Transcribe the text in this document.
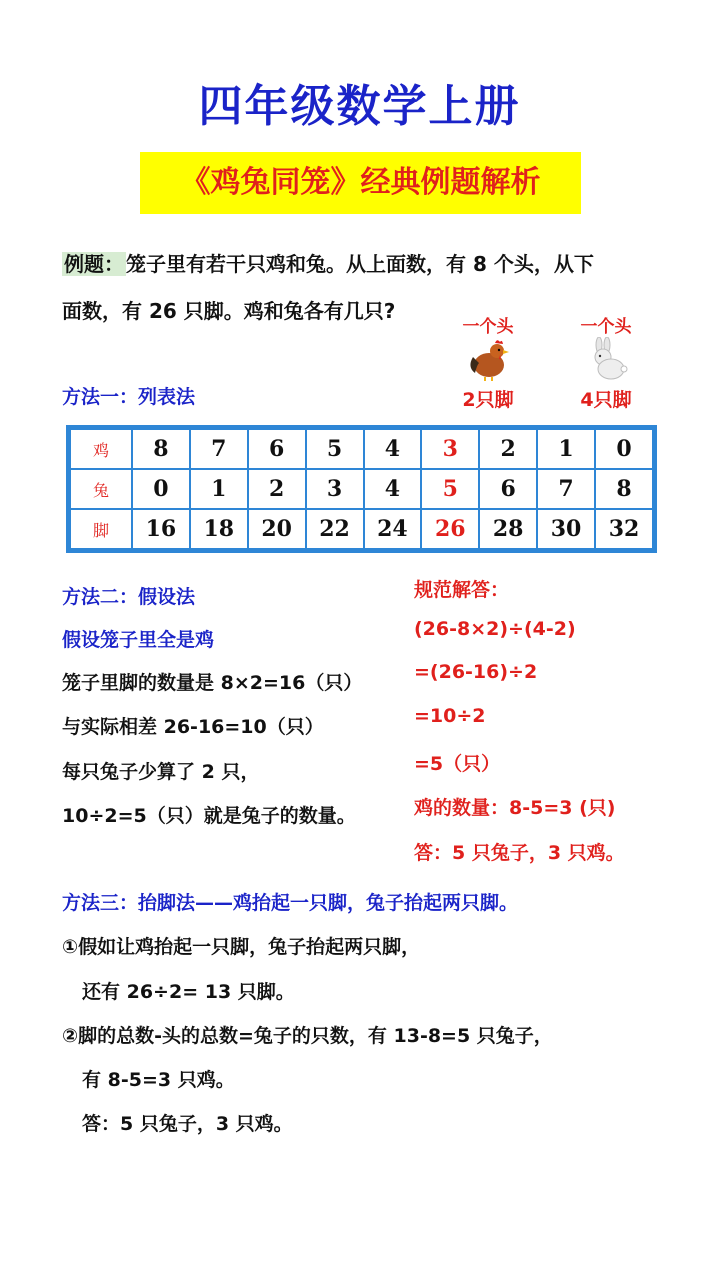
四年级数学上册
《鸡兔同笼》经典例题解析
例题： 笼子里有若干只鸡和兔。从上面数，有 8 个头，从下
面数，有 26 只脚。鸡和兔各有几只?
一个头
2只脚
一个头
4只脚
方法一：列表法
鸡	8	7	6	5	4	3	2	1	0
兔	0	1	2	3	4	5	6	7	8
脚	16	18	20	22	24	26	28	30	32
方法二：假设法
假设笼子里全是鸡
笼子里脚的数量是 8×2=16（只）
与实际相差 26-16=10（只）
每只兔子少算了 2 只，
10÷2=5（只）就是兔子的数量。
规范解答：
(26-8×2)÷(4-2)
=(26-16)÷2
=10÷2
=5（只）
鸡的数量：8-5=3 (只)
答：5 只兔子，3 只鸡。
方法三：抬脚法——鸡抬起一只脚，兔子抬起两只脚。
①假如让鸡抬起一只脚，兔子抬起两只脚，
还有 26÷2= 13 只脚。
②脚的总数-头的总数=兔子的只数，有 13-8=5 只兔子，
有 8-5=3 只鸡。
答：5 只兔子，3 只鸡。
